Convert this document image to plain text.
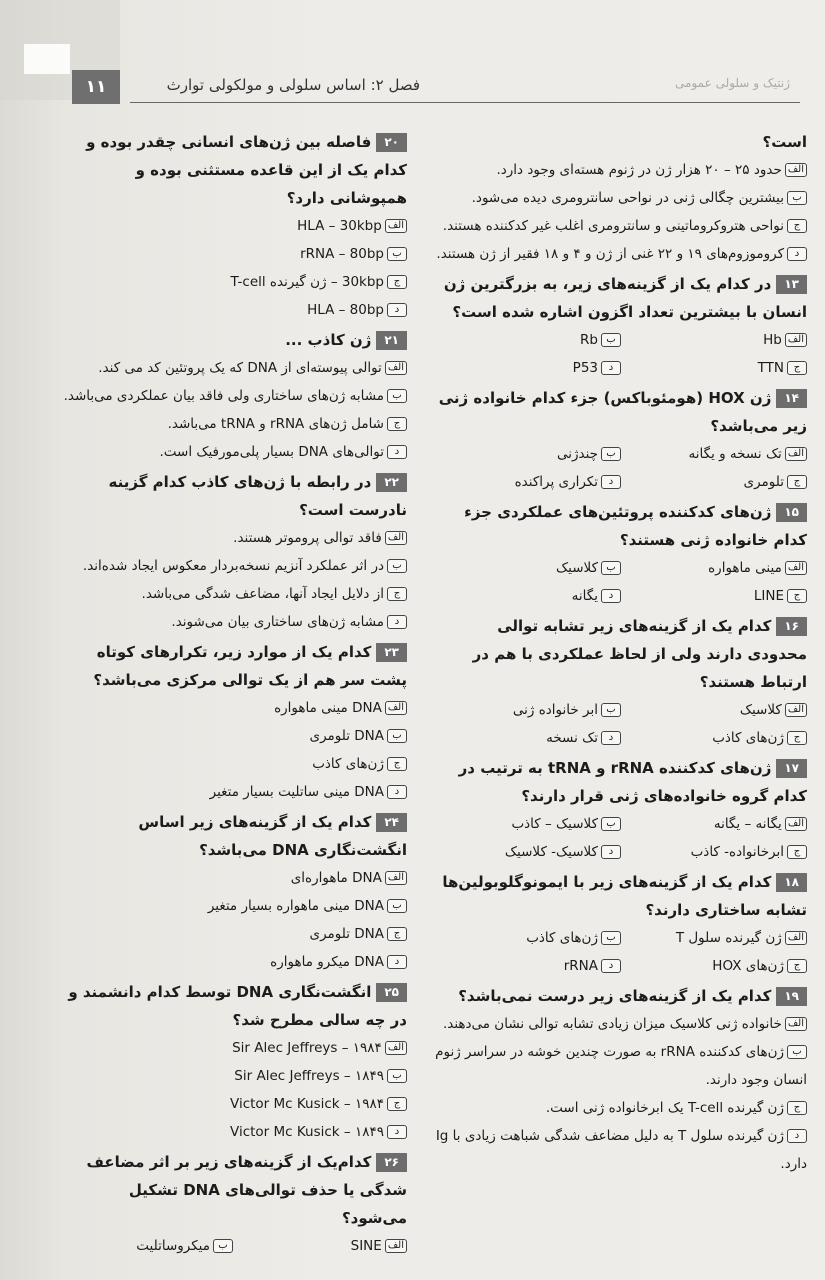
۱۱	فصل ۲: اساس سلولی و مولکولی توارث	ژنتیک و سلولی عمومی
است؟
الفحدود ۲۵ – ۲۰ هزار ژن در ژنوم هسته‌ای وجود دارد.
ببیشترین چگالی ژنی در نواحی سانترومری دیده می‌شود.
جنواحی هتروکروماتینی و سانترومری اغلب غیر کدکننده هستند.
دکروموزوم‌های ۱۹ و ۲۲ غنی از ژن و ۴ و ۱۸ فقیر از ژن هستند.
۱۳در کدام یک از گزینه‌های زیر، به بزرگترین ژن انسان با بیشترین تعداد اگزون اشاره شده است؟
الفHb
بRb
جTTN
دP53
۱۴ژن HOX (هومئوباکس) جزء کدام خانواده ژنی زیر می‌باشد؟
الفتک نسخه و یگانه
بچندژنی
جتلومری
دتکراری پراکنده
۱۵ژن‌های کدکننده پروتئین‌های عملکردی جزء کدام خانواده ژنی هستند؟
الفمینی ماهواره
بکلاسیک
جLINE
دیگانه
۱۶کدام یک از گزینه‌های زیر تشابه توالی محدودی دارند ولی از لحاظ عملکردی با هم در ارتباط هستند؟
الفکلاسیک
بابر خانواده ژنی
جژن‌های کاذب
دتک نسخه
۱۷ژن‌های کدکننده rRNA و tRNA به ترتیب در کدام گروه خانواده‌های ژنی قرار دارند؟
الفیگانه – یگانه
بکلاسیک – کاذب
جابرخانواده- کاذب
دکلاسیک- کلاسیک
۱۸کدام یک از گزینه‌های زیر با ایمونوگلوبولین‌ها تشابه ساختاری دارند؟
الفژن گیرنده سلول T
بژن‌های کاذب
جژن‌های HOX
دrRNA
۱۹کدام یک از گزینه‌های زیر درست نمی‌باشد؟
الفخانواده ژنی کلاسیک میزان زیادی تشابه توالی نشان می‌دهند.
بژن‌های کدکننده rRNA به صورت چندین خوشه در سراسر ژنوم انسان وجود دارند.
جژن گیرنده T-cell یک ابرخانواده ژنی است.
دژن گیرنده سلول T به دلیل مضاعف شدگی شباهت زیادی با Ig دارد.
۲۰فاصله بین ژن‌های انسانی چقدر بوده و کدام یک از این قاعده مستثنی بوده و همپوشانی دارد؟
الفHLA – 30kbp
بrRNA – 80bp
ج30kbp – ژن گیرنده T-cell
دHLA – 80bp
۲۱ژن کاذب ...
الفتوالی پیوسته‌ای از DNA که یک پروتئین کد می کند.
بمشابه ژن‌های ساختاری ولی فاقد بیان عملکردی می‌باشد.
جشامل ژن‌های rRNA و tRNA می‌باشد.
دتوالی‌های DNA بسیار پلی‌مورفیک است.
۲۲در رابطه با ژن‌های کاذب کدام گزینه نادرست است؟
الففاقد توالی پروموتر هستند.
بدر اثر عملکرد آنزیم نسخه‌بردار معکوس ایجاد شده‌اند.
جاز دلایل ایجاد آنها، مضاعف شدگی می‌باشد.
دمشابه ژن‌های ساختاری بیان می‌شوند.
۲۳کدام یک از موارد زیر، تکرارهای کوتاه پشت سر هم از یک توالی مرکزی می‌باشد؟
الفDNA مینی ماهواره
بDNA تلومری
جژن‌های کاذب
دDNA مینی ساتلیت بسیار متغیر
۲۴کدام یک از گزینه‌های زیر اساس انگشت‌نگاری DNA می‌باشد؟
الفDNA ماهواره‌ای
بDNA مینی ماهواره بسیار متغیر
جDNA تلومری
دDNA میکرو ماهواره
۲۵انگشت‌نگاری DNA توسط کدام دانشمند و در چه سالی مطرح شد؟
الف۱۹۸۴ – Sir Alec Jeffreys
ب۱۸۴۹ – Sir Alec Jeffreys
ج۱۹۸۴ – Victor Mc Kusick
د۱۸۴۹ – Victor Mc Kusick
۲۶کدام‌یک از گزینه‌های زیر بر اثر مضاعف شدگی یا حذف توالی‌های DNA تشکیل می‌شود؟
الفSINE
بمیکروساتلیت
